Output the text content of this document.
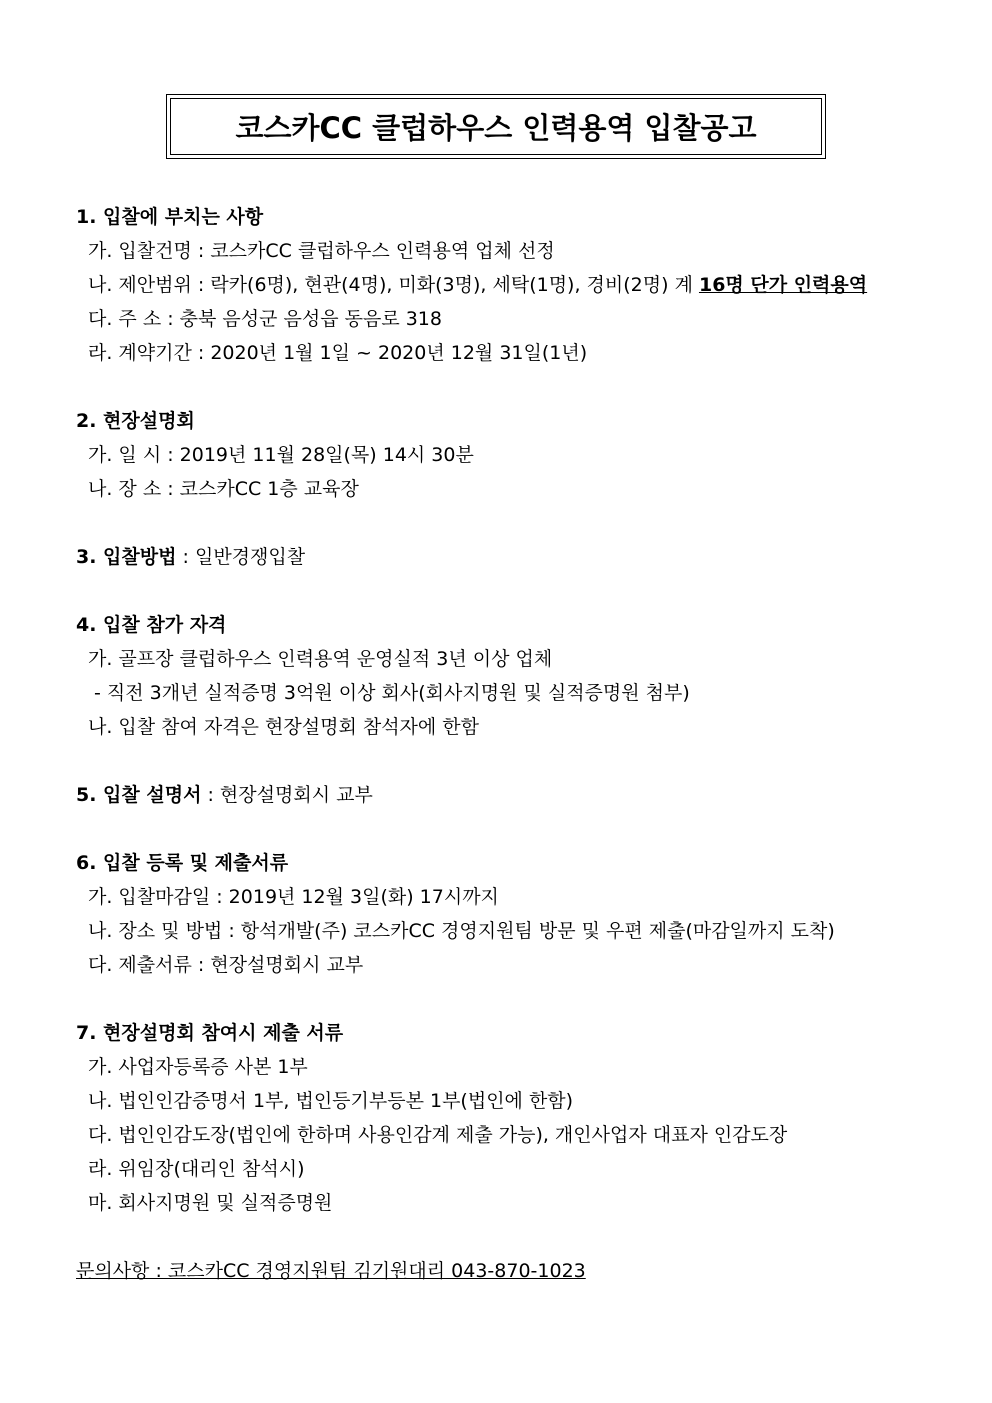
코스카CC 클럽하우스 인력용역 입찰공고
1. 입찰에 부치는 사항
가. 입찰건명 : 코스카CC 클럽하우스 인력용역 업체 선정
나. 제안범위 : 락카(6명), 현관(4명), 미화(3명), 세탁(1명), 경비(2명) 계 16명 단가 인력용역
다. 주 소 : 충북 음성군 음성읍 동음로 318
라. 계약기간 : 2020년 1월 1일 ~ 2020년 12월 31일(1년)
2. 현장설명회
가. 일 시 : 2019년 11월 28일(목) 14시 30분
나. 장 소 : 코스카CC 1층 교육장
3. 입찰방법 : 일반경쟁입찰
4. 입찰 참가 자격
가. 골프장 클럽하우스 인력용역 운영실적 3년 이상 업체
- 직전 3개년 실적증명 3억원 이상 회사(회사지명원 및 실적증명원 첨부)
나. 입찰 참여 자격은 현장설명회 참석자에 한함
5. 입찰 설명서 : 현장설명회시 교부
6. 입찰 등록 및 제출서류
가. 입찰마감일 : 2019년 12월 3일(화) 17시까지
나. 장소 및 방법 : 항석개발(주) 코스카CC 경영지원팀 방문 및 우편 제출(마감일까지 도착)
다. 제출서류 : 현장설명회시 교부
7. 현장설명회 참여시 제출 서류
가. 사업자등록증 사본 1부
나. 법인인감증명서 1부, 법인등기부등본 1부(법인에 한함)
다. 법인인감도장(법인에 한하며 사용인감계 제출 가능), 개인사업자 대표자 인감도장
라. 위임장(대리인 참석시)
마. 회사지명원 및 실적증명원
문의사항 : 코스카CC 경영지원팀 김기원대리 043-870-1023
